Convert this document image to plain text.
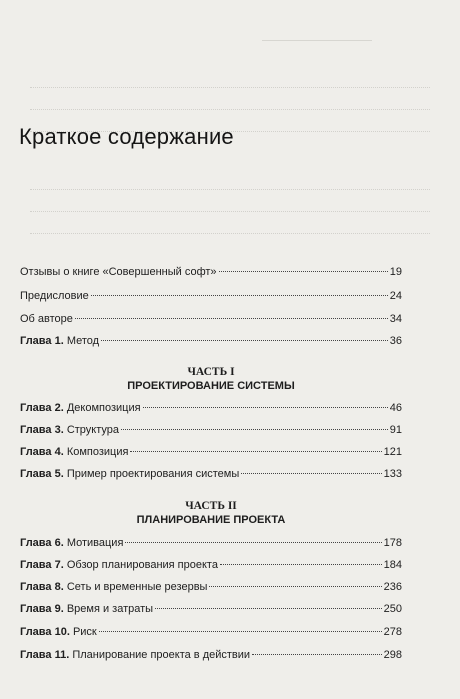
Краткое содержание
Отзывы о книге «Совершенный софт»	19
Предисловие	24
Об авторе	34
Глава 1. Метод	36
ЧАСТЬ I
ПРОЕКТИРОВАНИЕ СИСТЕМЫ
Глава 2. Декомпозиция	46
Глава 3. Структура	91
Глава 4. Композиция	121
Глава 5. Пример проектирования системы	133
ЧАСТЬ II
ПЛАНИРОВАНИЕ ПРОЕКТА
Глава 6. Мотивация	178
Глава 7. Обзор планирования проекта	184
Глава 8. Сеть и временные резервы	236
Глава 9. Время и затраты	250
Глава 10. Риск	278
Глава 11. Планирование проекта в действии	298
